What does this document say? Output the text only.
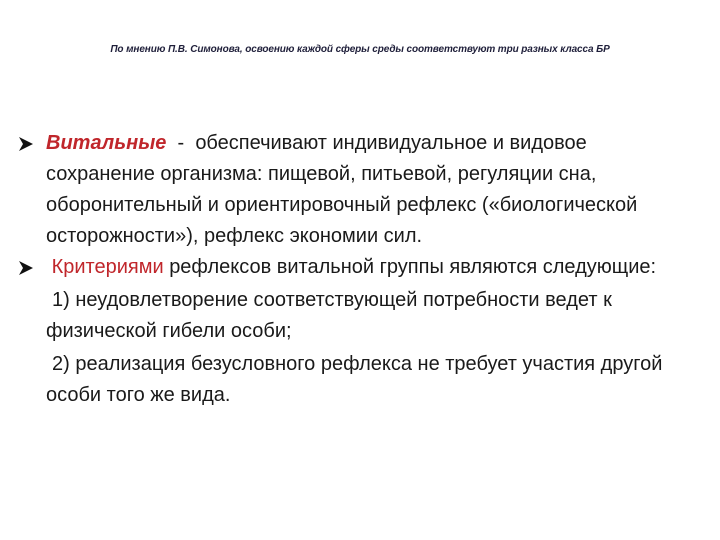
По мнению П.В. Симонова, освоению каждой сферы среды соответствуют три разных класса БР
Витальные  -  обеспечивают индивидуальное и видовое сохранение организма: пищевой, питьевой, регуляции сна, оборонительный и ориентировочный рефлекс («биологической осторожности»), рефлекс экономии сил.
Критериями рефлексов витальной группы являются следующие:
1) неудовлетворение соответствующей потребности ведет к физической гибели особи;
2) реализация безусловного рефлекса не требует участия другой особи того же вида.
